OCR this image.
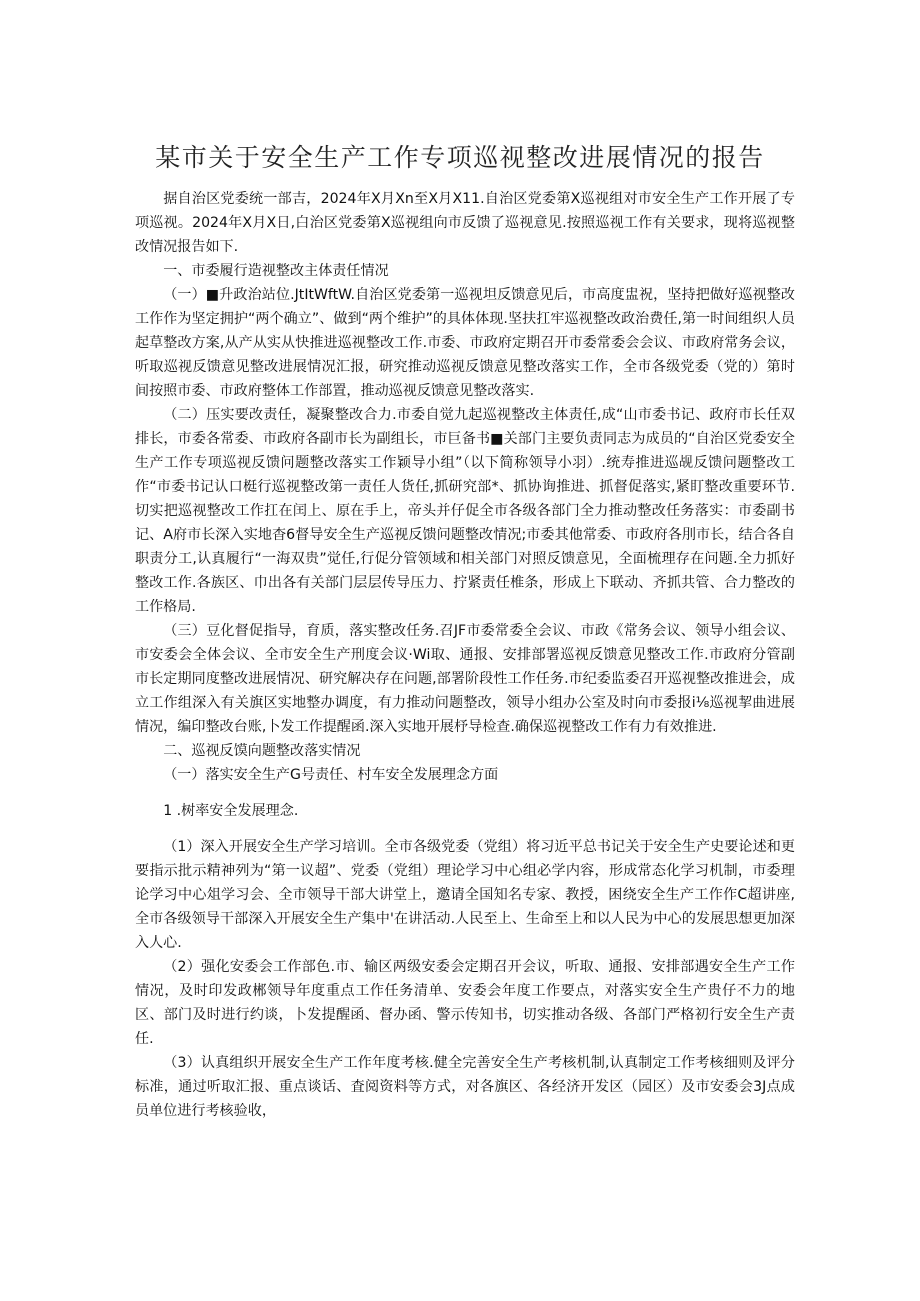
某市关于安全生产工作专项巡视整改进展情况的报告

据自治区党委统一部吉，2024年X月Xn至X月X11.自治区党委第X巡视组对市安全生产工作开展了专项巡视。2024年X月X日,白治区党委第X巡视组向市反馈了巡视意见.按照巡视工作有关要求，现将巡视整改情况报告如下.

一、市委履行造视整改主体责任情况

（一）■升政治站位.JtItWftW.自治区党委第一巡视坦反馈意见后，市高度盅祝，坚持把做好巡视整改工作作为坚定拥护“两个确立”、做到“两个维护”的具体体现.坚扶扛牢巡视整改政治费任,第一时间组织人员起草整改方案,从产从实从快推进巡视整改工作.市委、市政府定期召开市委常委会会议、市政府常务会议，听取巡视反馈意见整改进展情况汇报，研究推动巡视反馈意见整改落实工作，全市各级党委（党的）第时间按照市委、市政府整体工作部置，推动巡视反馈意见整改落实.

（二）压实要改责任，凝聚整改合力.市委自觉九起巡视整改主体责任,成“山市委书记、政府市长任双排长，市委各常委、市政府各副市长为副组长，市巨备书■关部门主要负责同志为成员的“自治区党委安全生产工作专项巡视反馈问题整改落实工作颖导小组”（以下简称领导小羽）.统寿推进巡觇反馈问题整改工作“市委书记认口梃行巡视整改第一责任人货任,抓研究部*、抓协询推进、抓督促落实,紧盯整改重要环节.切实把巡视整改工作扛在闰上、原在手上，帝头并仔促全市各级各部门全力推动整改任务落实：市委副书记、A府市长深入实地杳6督导安全生产巡视反馈问题整改情况;市委其他常委、市政府各刖市长，结合各自职责分工,认真履行“一海双贵”觉任,行促分管领域和相关部门对照反馈意见，全面梳理存在问题.全力抓好整改工作.各族区、巾出各有关部门层层传导压力、拧紧责任椎条，形成上下联动、齐抓共管、合力整改的工作格局.

（三）豆化督促指导，育质，落实整改任务.召JF市委常委全会议、市政《常务会议、领导小组会议、市安委会全体会议、全市安全生产刑度会议·Wi取、通报、安排部署巡视反馈意见整改工作.市政府分管副市长定期同度整改进展情况、研究解决存在问题,部署阶段性工作任务.市纪委监委召开巡视整改推进会，成立工作组深入有关旗区实地整办调度，有力推动问题整改，领导小组办公室及时向市委报i⅛巡视挈曲进展情况，编印整改台账,卜发工作提醒函.深入实地开展杼导检查.确保巡视整改工作有力有效推进.

二、巡视反馍向题整改落实情况

（一）落实安全生产G号责任、村车安全发展理念方面

1 .树率安全发展理念.

（1）深入开展安全生产学习培训。全市各级党委（党组）将习近平总书记关于安全生产史要论述和更要指示批示精神列为“第一议超”、党委（党组）理论学习中心组必学内容，形成常态化学习机制，市委理论学习中心俎学习会、全市领导干部大讲堂上，邀请全国知名专家、教授，困绕安全生产工作作C超讲座,全市各级领导干部深入开展安全生产集中'在讲活动.人民至上、生命至上和以人民为中心的发展思想更加深入人心.

（2）强化安委会工作部色.市、输区两级安委会定期召开会议，听取、通报、安排部遇安全生产工作情况，及时印发政郴领导年度重点工作任务清单、安委会年度工作要点，对落实安全生产贵仔不力的地区、部门及时进行约谈，卜发提醒函、督办函、警示传知书，切实推动各级、各部门严格初行安全生产责任.

（3）认真组织开展安全生产工作年度考核.健全完善安全生产考核机制,认真制定工作考核细则及评分标准，通过听取汇报、重点谈话、査阅资料等方式，对各旗区、各经济开发区（园区）及市安委会3J点成员单位进行考核验收，
